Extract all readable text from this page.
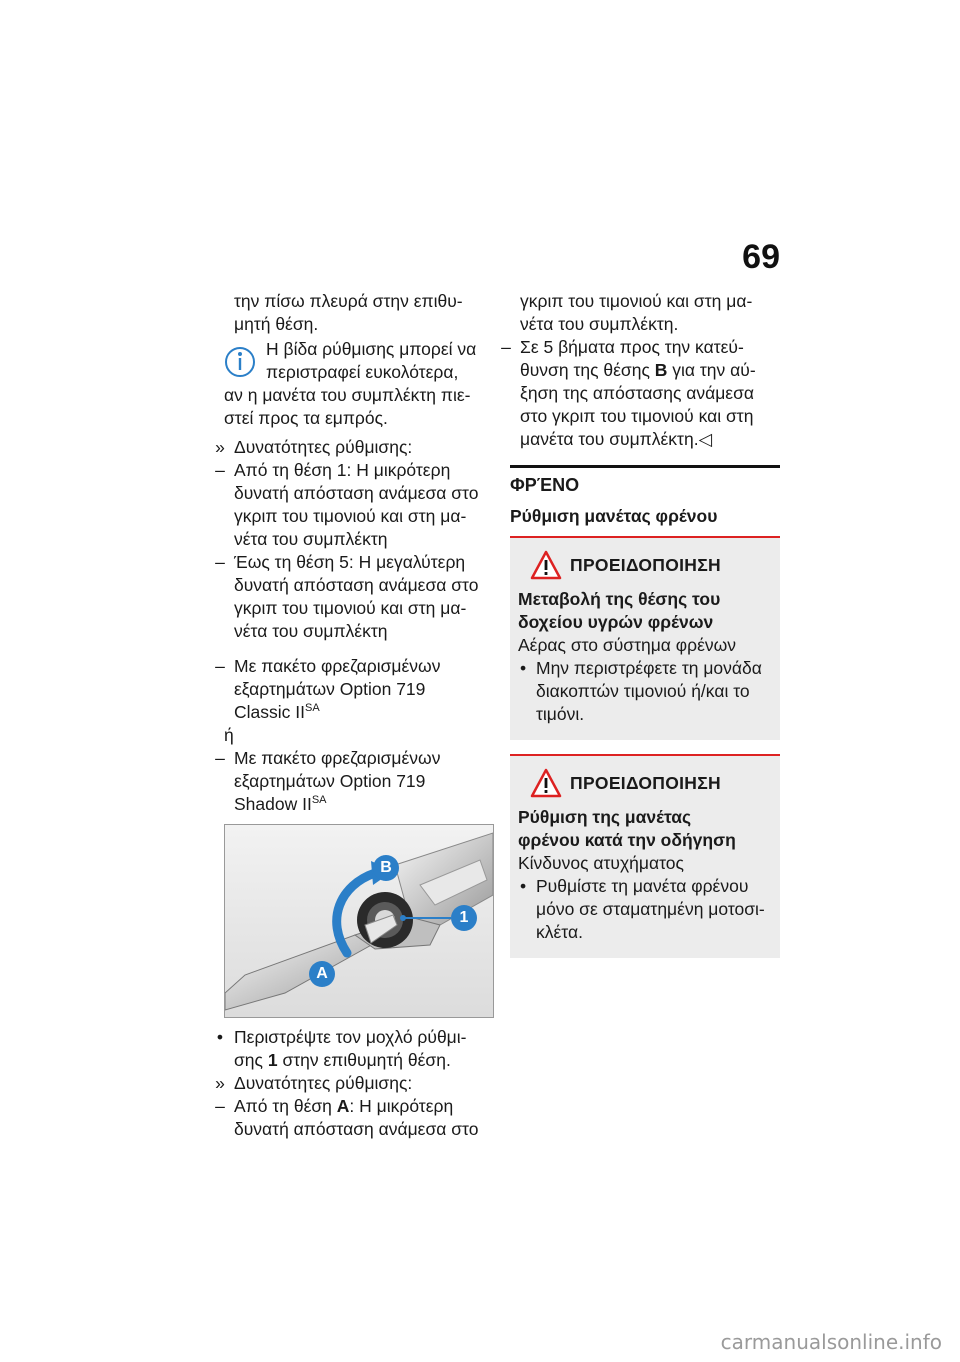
69
την πίσω πλευρά στην επιθυ-
μητή θέση.
Η βίδα ρύθμισης μπορεί να
περιστραφεί ευκολότερα,
αν η μανέτα του συμπλέκτη πιε-
στεί προς τα εμπρός.
» Δυνατότητες ρύθμισης:
– Από τη θέση 1: Η μικρότερη
δυνατή απόσταση ανάμεσα στο
γκριπ του τιμονιού και στη μα-
νέτα του συμπλέκτη
– Έως τη θέση 5: Η μεγαλύτερη
δυνατή απόσταση ανάμεσα στο
γκριπ του τιμονιού και στη μα-
νέτα του συμπλέκτη
– Με πακέτο φρεζαρισμένων
εξαρτημάτων Option 719
Classic $II^{SA}$
ή
– Με πακέτο φρεζαρισμένων
εξαρτημάτων Option 719
Shadow $II^{SA}$
B
A
1
• Περιστρέψτε τον μοχλό ρύθμι-
σης 1 στην επιθυμητή θέση.
» Δυνατότητες ρύθμισης:
– Από τη θέση A: Η μικρότερη
δυνατή απόσταση ανάμεσα στο
γκριπ του τιμονιού και στη μα-
νέτα του συμπλέκτη.
– Σε 5 βήματα προς την κατεύ-
θυνση της θέσης B για την αύ-
ξηση της απόστασης ανάμεσα
στο γκριπ του τιμονιού και στη
μανέτα του συμπλέκτη.◁
ΦΡΈΝΟ
Ρύθμιση μανέτας φρένου
ΠΡΟΕΙΔΟΠΟΙΗΣΗ
Μεταβολή της θέσης του
δοχείου υγρών φρένων
Αέρας στο σύστημα φρένων
• Μην περιστρέφετε τη μονάδα
διακοπτών τιμονιού ή/και το
τιμόνι.
ΠΡΟΕΙΔΟΠΟΙΗΣΗ
Ρύθμιση της μανέτας
φρένου κατά την οδήγηση
Κίνδυνος ατυχήματος
• Ρυθμίστε τη μανέτα φρένου
μόνο σε σταματημένη μοτοσι-
κλέτα.
carmanualsonline.info
